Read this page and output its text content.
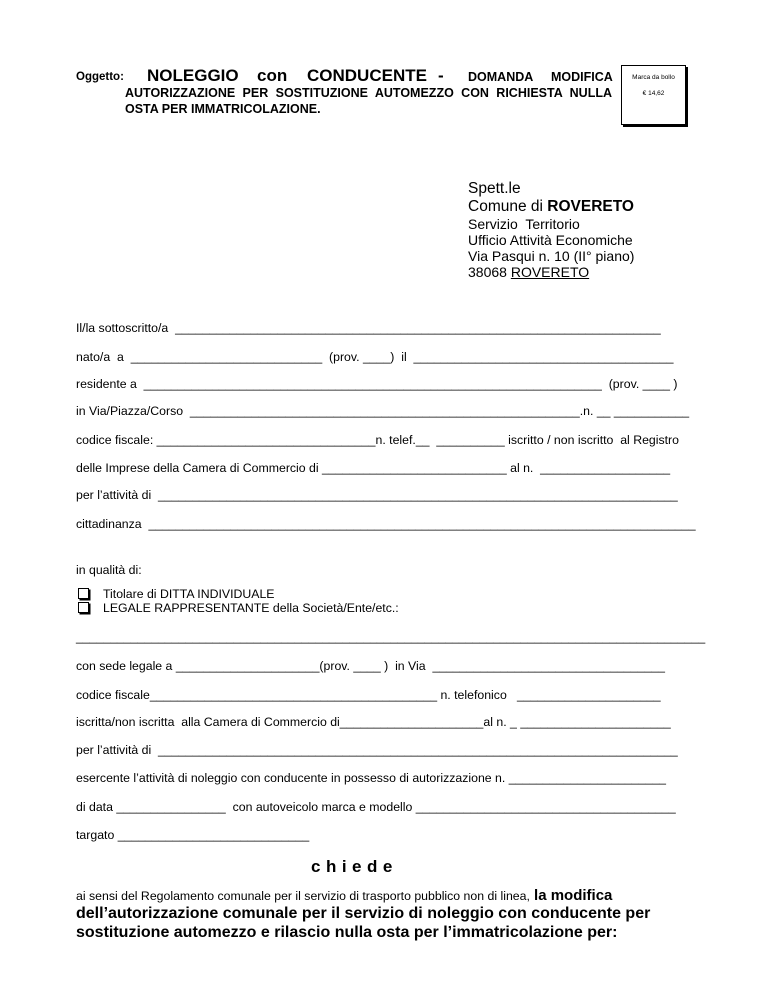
Oggetto: NOLEGGIO con CONDUCENTE - DOMANDA MODIFICA
AUTORIZZAZIONE PER SOSTITUZIONE AUTOMEZZO CON RICHIESTA NULLA
OSTA PER IMMATRICOLAZIONE.
Marca da bollo
€ 14,62
Spett.le
Comune di ROVERETO
Servizio  Territorio
Ufficio Attività Economiche
Via Pasqui n. 10 (II° piano)
38068 ROVERETO
Il/la sottoscritto/a  _______________________________________________________________________
nato/a  a  ____________________________  (prov. ____)  il  ______________________________________
residente a  ___________________________________________________________________  (prov. ____ )
in Via/Piazza/Corso  _________________________________________________________.n. __ ___________
codice fiscale: ________________________________n. telef.__  __________ iscritto / non iscritto  al Registro
delle Imprese della Camera di Commercio di ___________________________ al n.  ___________________
per l’attività di  ____________________________________________________________________________
cittadinanza  ________________________________________________________________________________
in qualità di:
Titolare di DITTA INDIVIDUALE
LEGALE RAPPRESENTANTE della Società/Ente/etc.:
____________________________________________________________________________________________
con sede legale a _____________________(prov. ____ )  in Via  __________________________________
codice fiscale__________________________________________ n. telefonico   _____________________
iscritta/non iscritta  alla Camera di Commercio di_____________________al n. _ ______________________
per l’attività di  ____________________________________________________________________________
esercente l’attività di noleggio con conducente in possesso di autorizzazione n. _______________________
di data ________________  con autoveicolo marca e modello ______________________________________
targato ____________________________
chiede
ai sensi del Regolamento comunale per il servizio di trasporto pubblico non di linea, la modifica
dell’autorizzazione comunale per il servizio di noleggio con conducente per
sostituzione automezzo e rilascio nulla osta per l’immatricolazione per:
